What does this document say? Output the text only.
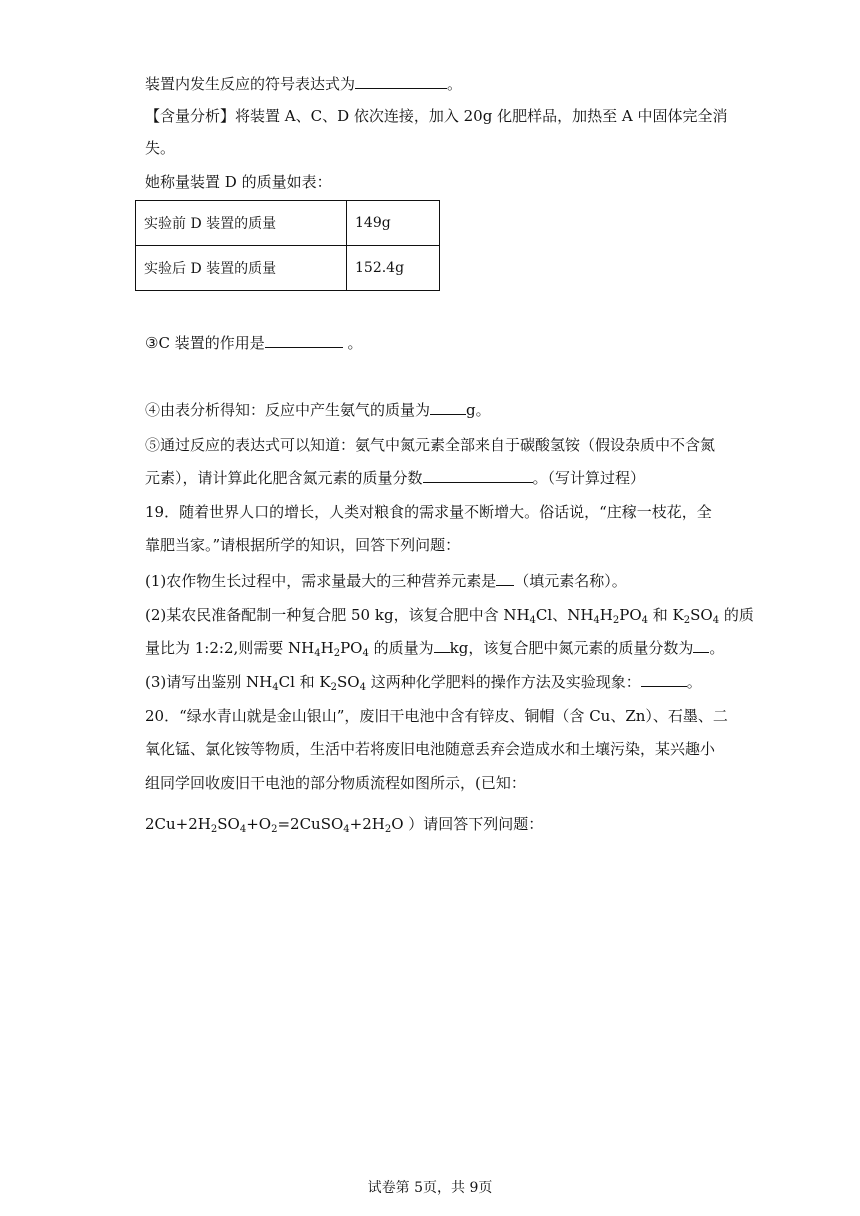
装置内发生反应的符号表达式为	。
【含量分析】将装置 A、C、D 依次连接，加入 20g 化肥样品，加热至 A 中固体完全消
失。
她称量装置 D 的质量如表：
实验前 D 装置的质量	149g
实验后 D 装置的质量	152.4g
③C 装置的作用是	。
④由表分析得知：反应中产生氨气的质量为 g。
⑤通过反应的表达式可以知道：氨气中氮元素全部来自于碳酸氢铵（假设杂质中不含氮
元素），请计算此化肥含氮元素的质量分数	。（写计算过程）
19．随着世界人口的增长，人类对粮食的需求量不断增大。俗话说，“庄稼一枝花，全
靠肥当家。”请根据所学的知识，回答下列问题：
(1)农作物生长过程中，需求量最大的三种营养元素是 （填元素名称）。
(2)某农民准备配制一种复合肥 50 kg，该复合肥中含 $NH_4Cl$、$NH_4H_2PO_4$ 和 $K_2SO_4$ 的质
量比为 1:2:2,则需要 $NH_4H_2PO_4$ 的质量为 kg，该复合肥中氮元素的质量分数为 。
(3)请写出鉴别 $NH_4Cl$ 和 $K_2SO_4$ 这两种化学肥料的操作方法及实验现象：	。
20．“绿水青山就是金山银山”，废旧干电池中含有锌皮、铜帽（含 Cu、Zn）、石墨、二
氧化锰、氯化铵等物质，生活中若将废旧电池随意丢弃会造成水和土壤污染，某兴趣小
组同学回收废旧干电池的部分物质流程如图所示，(已知：
$2Cu+2H_2SO_4+O_2=2CuSO_4+2H_2O$ ）请回答下列问题：
试卷第 5页，共 9页
